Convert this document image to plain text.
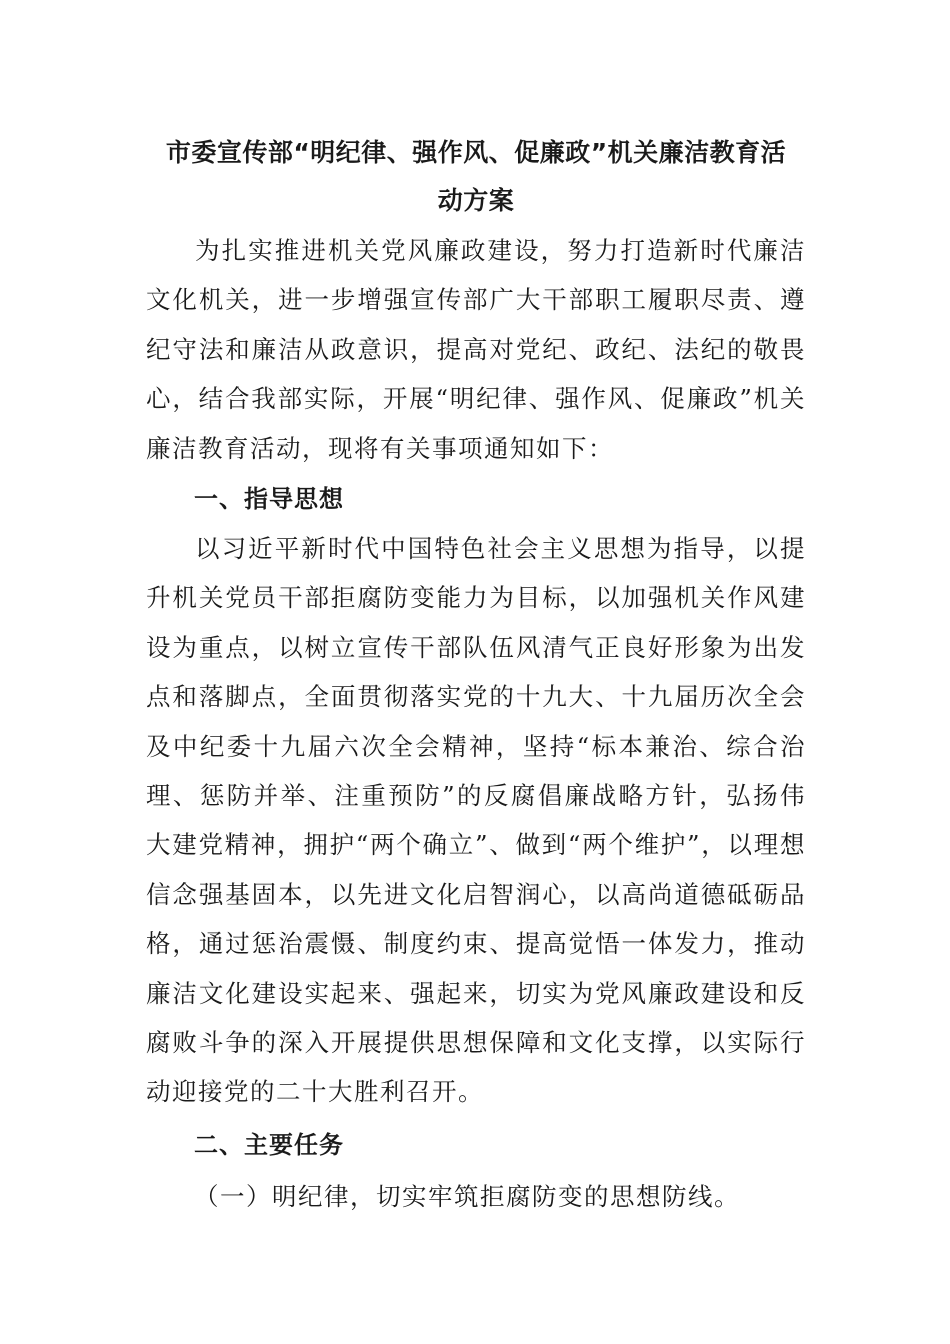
市委宣传部“明纪律、强作风、促廉政”机关廉洁教育活
动方案

为扎实推进机关党风廉政建设，努力打造新时代廉洁文化机关，进一步增强宣传部广大干部职工履职尽责、遵纪守法和廉洁从政意识，提高对党纪、政纪、法纪的敬畏心，结合我部实际，开展“明纪律、强作风、促廉政”机关廉洁教育活动，现将有关事项通知如下：

一、指导思想

以习近平新时代中国特色社会主义思想为指导，以提升机关党员干部拒腐防变能力为目标，以加强机关作风建设为重点，以树立宣传干部队伍风清气正良好形象为出发点和落脚点，全面贯彻落实党的十九大、十九届历次全会及中纪委十九届六次全会精神，坚持“标本兼治、综合治理、惩防并举、注重预防”的反腐倡廉战略方针，弘扬伟大建党精神，拥护“两个确立”、做到“两个维护”，以理想信念强基固本，以先进文化启智润心，以高尚道德砥砺品格，通过惩治震慑、制度约束、提高觉悟一体发力，推动廉洁文化建设实起来、强起来，切实为党风廉政建设和反腐败斗争的深入开展提供思想保障和文化支撑，以实际行动迎接党的二十大胜利召开。

二、主要任务

（一）明纪律，切实牢筑拒腐防变的思想防线。
